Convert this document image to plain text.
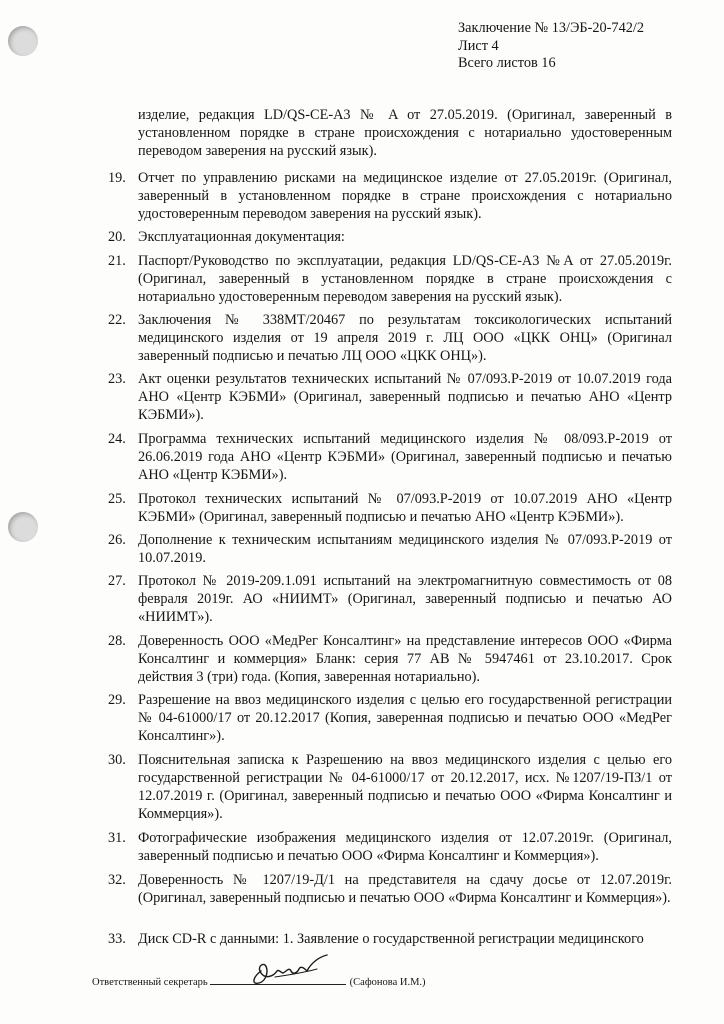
Заключение № 13/ЭБ-20-742/2
Лист 4
Всего листов 16
изделие, редакция LD/QS-CE-A3 № A от 27.05.2019. (Оригинал, заверенный в установленном порядке в стране происхождения с нотариально удостоверенным переводом заверения на русский язык).
19. Отчет по управлению рисками на медицинское изделие от 27.05.2019г. (Оригинал, заверенный в установленном порядке в стране происхождения с нотариально удостоверенным переводом заверения на русский язык).
20. Эксплуатационная документация:
21. Паспорт/Руководство по эксплуатации, редакция LD/QS-CE-A3 №A от 27.05.2019г. (Оригинал, заверенный в установленном порядке в стране происхождения с нотариально удостоверенным переводом заверения на русский язык).
22. Заключения № 338MT/20467 по результатам токсикологических испытаний медицинского изделия от 19 апреля 2019 г. ЛЦ ООО «ЦКК ОНЦ» (Оригинал заверенный подписью и печатью ЛЦ ООО «ЦКК ОНЦ»).
23. Акт оценки результатов технических испытаний № 07/093.Р-2019 от 10.07.2019 года АНО «Центр КЭБМИ» (Оригинал, заверенный подписью и печатью АНО «Центр КЭБМИ»).
24. Программа технических испытаний медицинского изделия № 08/093.Р-2019 от 26.06.2019 года АНО «Центр КЭБМИ» (Оригинал, заверенный подписью и печатью АНО «Центр КЭБМИ»).
25. Протокол технических испытаний № 07/093.Р-2019 от 10.07.2019 АНО «Центр КЭБМИ» (Оригинал, заверенный подписью и печатью АНО «Центр КЭБМИ»).
26. Дополнение к техническим испытаниям медицинского изделия № 07/093.Р-2019 от 10.07.2019.
27. Протокол № 2019-209.1.091 испытаний на электромагнитную совместимость от 08 февраля 2019г. АО «НИИМТ» (Оригинал, заверенный подписью и печатью АО «НИИМТ»).
28. Доверенность ООО «МедРег Консалтинг» на представление интересов ООО «Фирма Консалтинг и коммерция» Бланк: серия 77 АВ № 5947461 от 23.10.2017. Срок действия 3 (три) года. (Копия, заверенная нотариально).
29. Разрешение на ввоз медицинского изделия с целью его государственной регистрации № 04-61000/17 от 20.12.2017 (Копия, заверенная подписью и печатью ООО «МедРег Консалтинг»).
30. Пояснительная записка к Разрешению на ввоз медицинского изделия с целью его государственной регистрации № 04-61000/17 от 20.12.2017, исх. №1207/19-ПЗ/1 от 12.07.2019 г. (Оригинал, заверенный подписью и печатью ООО «Фирма Консалтинг и Коммерция»).
31. Фотографические изображения медицинского изделия от 12.07.2019г. (Оригинал, заверенный подписью и печатью ООО «Фирма Консалтинг и Коммерция»).
32. Доверенность № 1207/19-Д/1 на представителя на сдачу досье от 12.07.2019г. (Оригинал, заверенный подписью и печатью ООО «Фирма Консалтинг и Коммерция»).
33. Диск CD-R с данными: 1. Заявление о государственной регистрации медицинского
Ответственный секретарь	(Сафонова И.М.)
